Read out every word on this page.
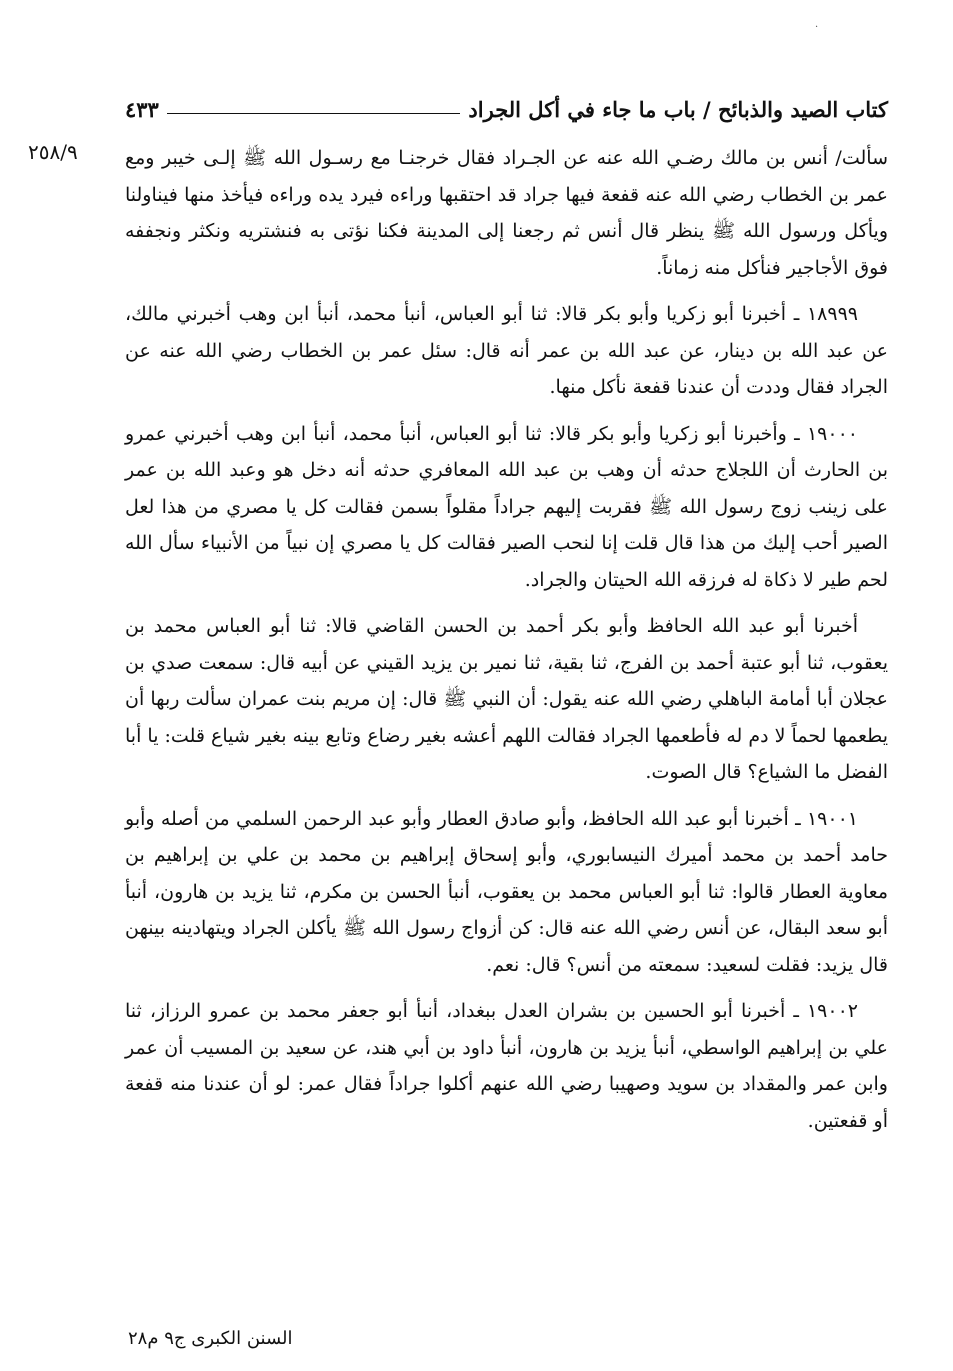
·
كتاب الصيد والذبائح / باب ما جاء في أكل الجراد
٤٣٣
٢٥٨/٩ سألت/ أنس بن مالك رضـي الله عنه عن الجـراد فقال خرجنـا مع رسـول الله ﷺ إلـى خيبر ومع عمر بن الخطاب رضي الله عنه قفعة فيها جراد قد احتقبها وراءه فيرد يده وراءه فيأخذ منها فيناولنا ويأكل ورسول الله ﷺ ينظر قال أنس ثم رجعنا إلى المدينة فكنا نؤتى به فنشتريه ونكثر ونجففه فوق الأجاجير فنأكل منه زماناً.

١٨٩٩٩ ـ أخبرنا أبو زكريا وأبو بكر قالا: ثنا أبو العباس، أنبأ محمد، أنبأ ابن وهب أخبرني مالك، عن عبد الله بن دينار، عن عبد الله بن عمر أنه قال: سئل عمر بن الخطاب رضي الله عنه عن الجراد فقال وددت أن عندنا قفعة نأكل منها.

١٩٠٠٠ ـ وأخبرنا أبو زكريا وأبو بكر قالا: ثنا أبو العباس، أنبأ محمد، أنبأ ابن وهب أخبرني عمرو بن الحارث أن اللجلاج حدثه أن وهب بن عبد الله المعافري حدثه أنه دخل هو وعبد الله بن عمر على زينب زوج رسول الله ﷺ فقربت إليهم جراداً مقلواً بسمن فقالت كل يا مصري من هذا لعل الصير أحب إليك من هذا قال قلت إنا لنحب الصير فقالت كل يا مصري إن نبياً من الأنبياء سأل الله لحم طير لا ذكاة له فرزقه الله الحيتان والجراد.

أخبرنا أبو عبد الله الحافظ وأبو بكر أحمد بن الحسن القاضي قالا: ثنا أبو العباس محمد بن يعقوب، ثنا أبو عتبة أحمد بن الفرج، ثنا بقية، ثنا نمير بن يزيد القيني عن أبيه قال: سمعت صدي بن عجلان أبا أمامة الباهلي رضي الله عنه يقول: أن النبي ﷺ قال: إن مريم بنت عمران سألت ربها أن يطعمها لحماً لا دم له فأطعمها الجراد فقالت اللهم أعشه بغير رضاع وتابع بينه بغير شياع قلت: يا أبا الفضل ما الشياع؟ قال الصوت.

١٩٠٠١ ـ أخبرنا أبو عبد الله الحافظ، وأبو صادق العطار وأبو عبد الرحمن السلمي من أصله وأبو حامد أحمد بن محمد أميرك النيسابوري، وأبو إسحاق إبراهيم بن محمد بن علي بن إبراهيم بن معاوية العطار قالوا: ثنا أبو العباس محمد بن يعقوب، أنبأ الحسن بن مكرم، ثنا يزيد بن هارون، أنبأ أبو سعد البقال، عن أنس رضي الله عنه قال: كن أزواج رسول الله ﷺ يأكلن الجراد ويتهادينه بينهن قال يزيد: فقلت لسعيد: سمعته من أنس؟ قال: نعم.

١٩٠٠٢ ـ أخبرنا أبو الحسين بن بشران العدل ببغداد، أنبأ أبو جعفر محمد بن عمرو الرزاز، ثنا علي بن إبراهيم الواسطي، أنبأ يزيد بن هارون، أنبأ داود بن أبي هند، عن سعيد بن المسيب أن عمر وابن عمر والمقداد بن سويد وصهيبا رضي الله عنهم أكلوا جراداً فقال عمر: لو أن عندنا منه قفعة أو قفعتين.

السنن الكبرى ج٩ م٢٨
